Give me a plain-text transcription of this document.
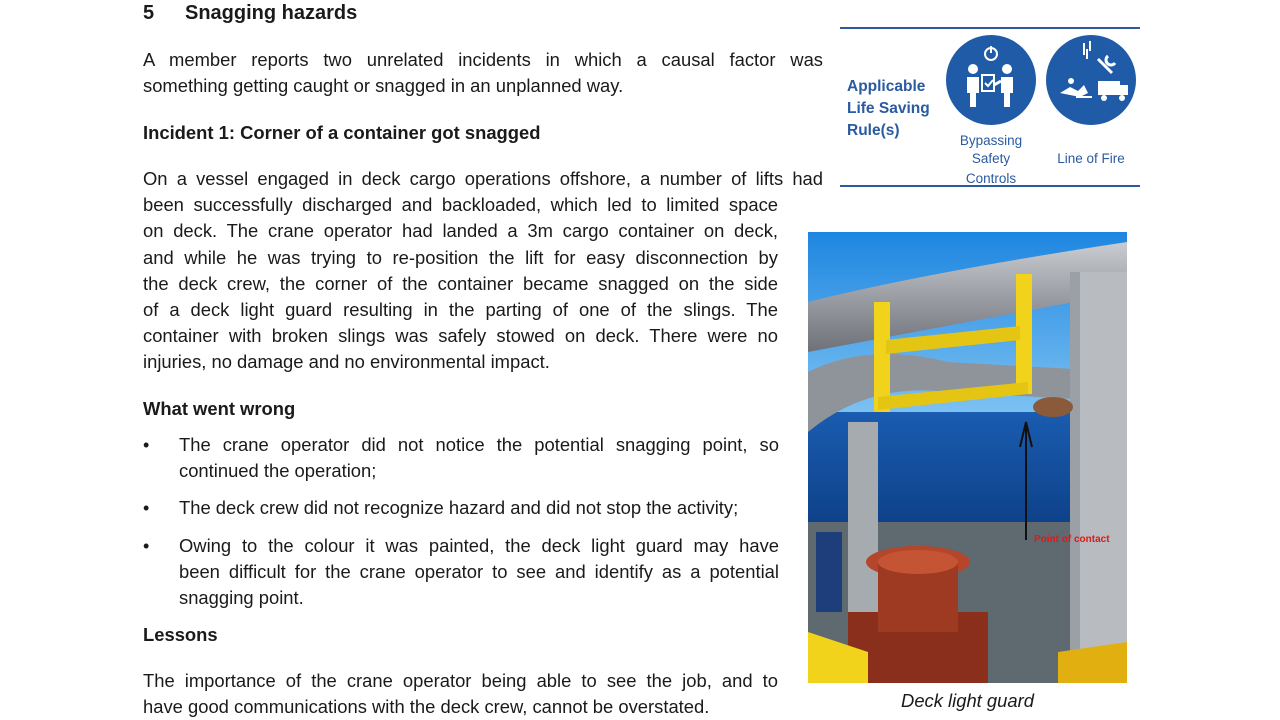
5 Snagging hazards
A member reports two unrelated incidents in which a causal factor was
something getting caught or snagged in an unplanned way.
Incident 1: Corner of a container got snagged
On a vessel engaged in deck cargo operations offshore, a number of lifts had
been successfully discharged and backloaded, which led to limited space
on deck. The crane operator had landed a 3m cargo container on deck,
and while he was trying to re-position the lift for easy disconnection by
the deck crew, the corner of the container became snagged on the side
of a deck light guard resulting in the parting of one of the slings. The
container with broken slings was safely stowed on deck. There were no
injuries, no damage and no environmental impact.
What went wrong
• The crane operator did not notice the potential snagging point, so
continued the operation;
• The deck crew did not recognize hazard and did not stop the activity;
• Owing to the colour it was painted, the deck light guard may have
been difficult for the crane operator to see and identify as a potential
snagging point.
Lessons
The importance of the crane operator being able to see the job, and to
have good communications with the deck crew, cannot be overstated.
Applicable
Life Saving
Rule(s)
Bypassing
Safety
Controls
Line of Fire
Point of contact
Deck light guard
